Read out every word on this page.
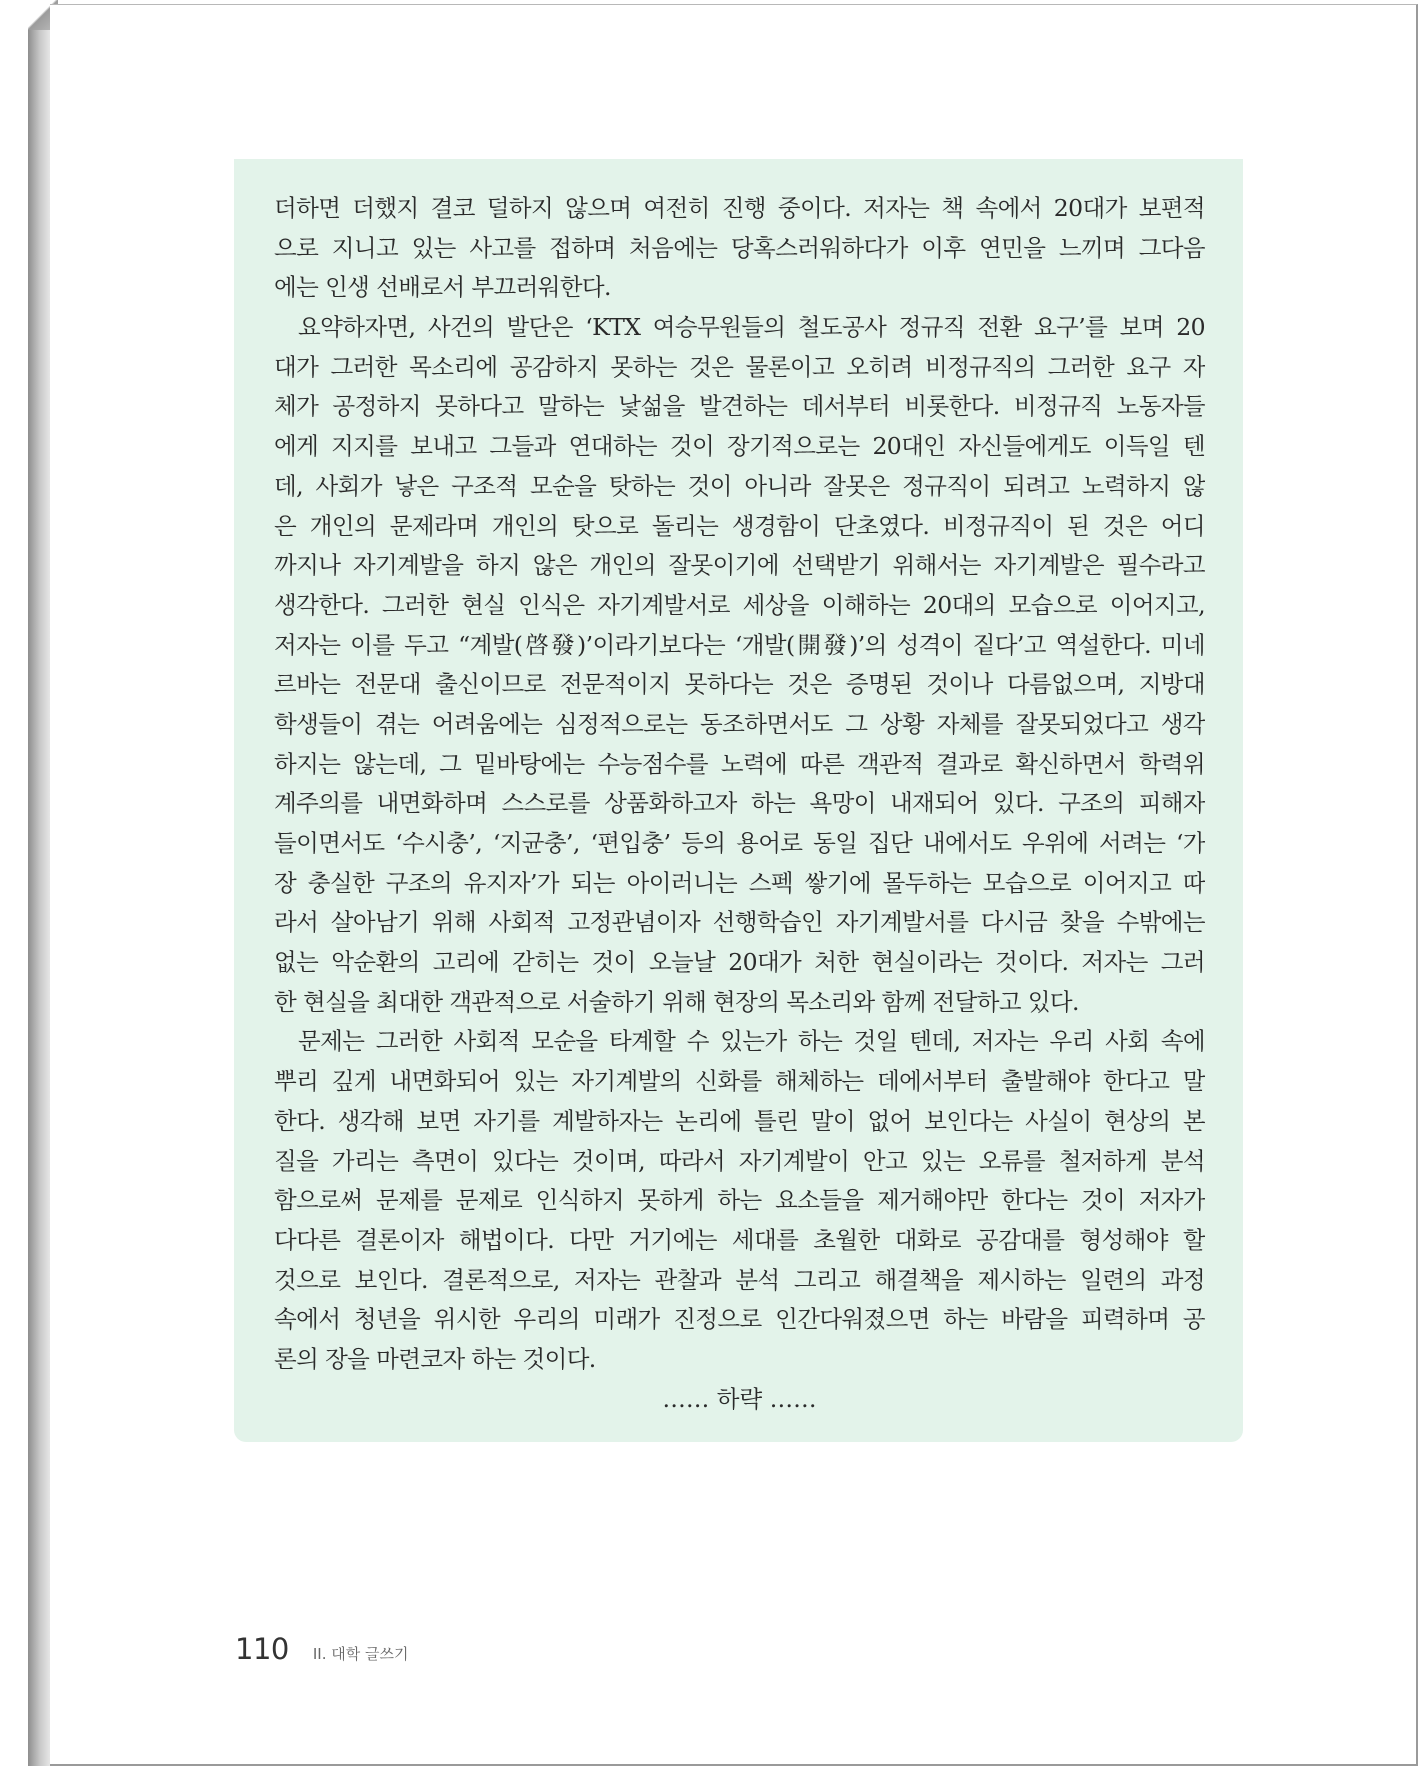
더하면 더했지 결코 덜하지 않으며 여전히 진행 중이다. 저자는 책 속에서 20대가 보편적
으로 지니고 있는 사고를 접하며 처음에는 당혹스러워하다가 이후 연민을 느끼며 그다음
에는 인생 선배로서 부끄러워한다.
요약하자면, 사건의 발단은 ‘KTX 여승무원들의 철도공사 정규직 전환 요구’를 보며 20
대가 그러한 목소리에 공감하지 못하는 것은 물론이고 오히려 비정규직의 그러한 요구 자
체가 공정하지 못하다고 말하는 낯섦을 발견하는 데서부터 비롯한다. 비정규직 노동자들
에게 지지를 보내고 그들과 연대하는 것이 장기적으로는 20대인 자신들에게도 이득일 텐
데, 사회가 낳은 구조적 모순을 탓하는 것이 아니라 잘못은 정규직이 되려고 노력하지 않
은 개인의 문제라며 개인의 탓으로 돌리는 생경함이 단초였다. 비정규직이 된 것은 어디
까지나 자기계발을 하지 않은 개인의 잘못이기에 선택받기 위해서는 자기계발은 필수라고
생각한다. 그러한 현실 인식은 자기계발서로 세상을 이해하는 20대의 모습으로 이어지고,
저자는 이를 두고 “계발(啓發)’이라기보다는 ‘개발(開發)’의 성격이 짙다’고 역설한다. 미네
르바는 전문대 출신이므로 전문적이지 못하다는 것은 증명된 것이나 다름없으며, 지방대
학생들이 겪는 어려움에는 심정적으로는 동조하면서도 그 상황 자체를 잘못되었다고 생각
하지는 않는데, 그 밑바탕에는 수능점수를 노력에 따른 객관적 결과로 확신하면서 학력위
계주의를 내면화하며 스스로를 상품화하고자 하는 욕망이 내재되어 있다. 구조의 피해자
들이면서도 ‘수시충’, ‘지균충’, ‘편입충’ 등의 용어로 동일 집단 내에서도 우위에 서려는 ‘가
장 충실한 구조의 유지자’가 되는 아이러니는 스펙 쌓기에 몰두하는 모습으로 이어지고 따
라서 살아남기 위해 사회적 고정관념이자 선행학습인 자기계발서를 다시금 찾을 수밖에는
없는 악순환의 고리에 갇히는 것이 오늘날 20대가 처한 현실이라는 것이다. 저자는 그러
한 현실을 최대한 객관적으로 서술하기 위해 현장의 목소리와 함께 전달하고 있다.
문제는 그러한 사회적 모순을 타계할 수 있는가 하는 것일 텐데, 저자는 우리 사회 속에
뿌리 깊게 내면화되어 있는 자기계발의 신화를 해체하는 데에서부터 출발해야 한다고 말
한다. 생각해 보면 자기를 계발하자는 논리에 틀린 말이 없어 보인다는 사실이 현상의 본
질을 가리는 측면이 있다는 것이며, 따라서 자기계발이 안고 있는 오류를 철저하게 분석
함으로써 문제를 문제로 인식하지 못하게 하는 요소들을 제거해야만 한다는 것이 저자가
다다른 결론이자 해법이다. 다만 거기에는 세대를 초월한 대화로 공감대를 형성해야 할
것으로 보인다. 결론적으로, 저자는 관찰과 분석 그리고 해결책을 제시하는 일련의 과정
속에서 청년을 위시한 우리의 미래가 진정으로 인간다워졌으면 하는 바람을 피력하며 공
론의 장을 마련코자 하는 것이다.
…… 하략 ……
110 II. 대학 글쓰기
